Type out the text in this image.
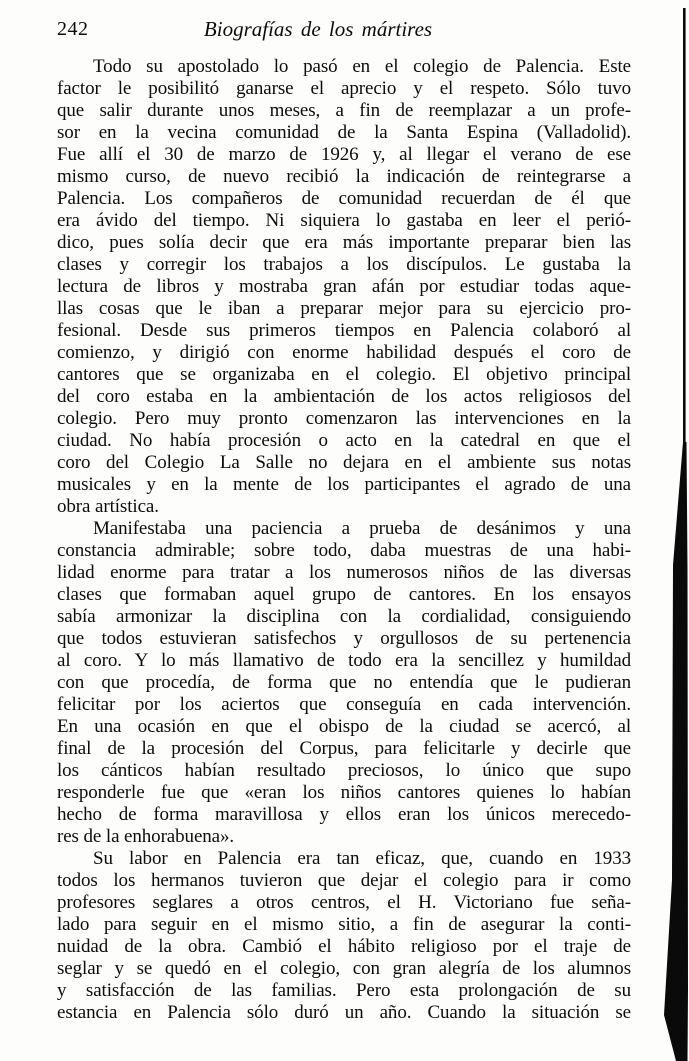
242	Biografías de los mártires
Todo su apostolado lo pasó en el colegio de Palencia. Este
factor le posibilitó ganarse el aprecio y el respeto. Sólo tuvo
que salir durante unos meses, a fin de reemplazar a un profe-
sor en la vecina comunidad de la Santa Espina (Valladolid).
Fue allí el 30 de marzo de 1926 y, al llegar el verano de ese
mismo curso, de nuevo recibió la indicación de reintegrarse a
Palencia. Los compañeros de comunidad recuerdan de él que
era ávido del tiempo. Ni siquiera lo gastaba en leer el perió-
dico, pues solía decir que era más importante preparar bien las
clases y corregir los trabajos a los discípulos. Le gustaba la
lectura de libros y mostraba gran afán por estudiar todas aque-
llas cosas que le iban a preparar mejor para su ejercicio pro-
fesional. Desde sus primeros tiempos en Palencia colaboró al
comienzo, y dirigió con enorme habilidad después el coro de
cantores que se organizaba en el colegio. El objetivo principal
del coro estaba en la ambientación de los actos religiosos del
colegio. Pero muy pronto comenzaron las intervenciones en la
ciudad. No había procesión o acto en la catedral en que el
coro del Colegio La Salle no dejara en el ambiente sus notas
musicales y en la mente de los participantes el agrado de una
obra artística.
Manifestaba una paciencia a prueba de desánimos y una
constancia admirable; sobre todo, daba muestras de una habi-
lidad enorme para tratar a los numerosos niños de las diversas
clases que formaban aquel grupo de cantores. En los ensayos
sabía armonizar la disciplina con la cordialidad, consiguiendo
que todos estuvieran satisfechos y orgullosos de su pertenencia
al coro. Y lo más llamativo de todo era la sencillez y humildad
con que procedía, de forma que no entendía que le pudieran
felicitar por los aciertos que conseguía en cada intervención.
En una ocasión en que el obispo de la ciudad se acercó, al
final de la procesión del Corpus, para felicitarle y decirle que
los cánticos habían resultado preciosos, lo único que supo
responderle fue que «eran los niños cantores quienes lo habían
hecho de forma maravillosa y ellos eran los únicos merecedo-
res de la enhorabuena».
Su labor en Palencia era tan eficaz, que, cuando en 1933
todos los hermanos tuvieron que dejar el colegio para ir como
profesores seglares a otros centros, el H. Victoriano fue seña-
lado para seguir en el mismo sitio, a fin de asegurar la conti-
nuidad de la obra. Cambió el hábito religioso por el traje de
seglar y se quedó en el colegio, con gran alegría de los alumnos
y satisfacción de las familias. Pero esta prolongación de su
estancia en Palencia sólo duró un año. Cuando la situación se
